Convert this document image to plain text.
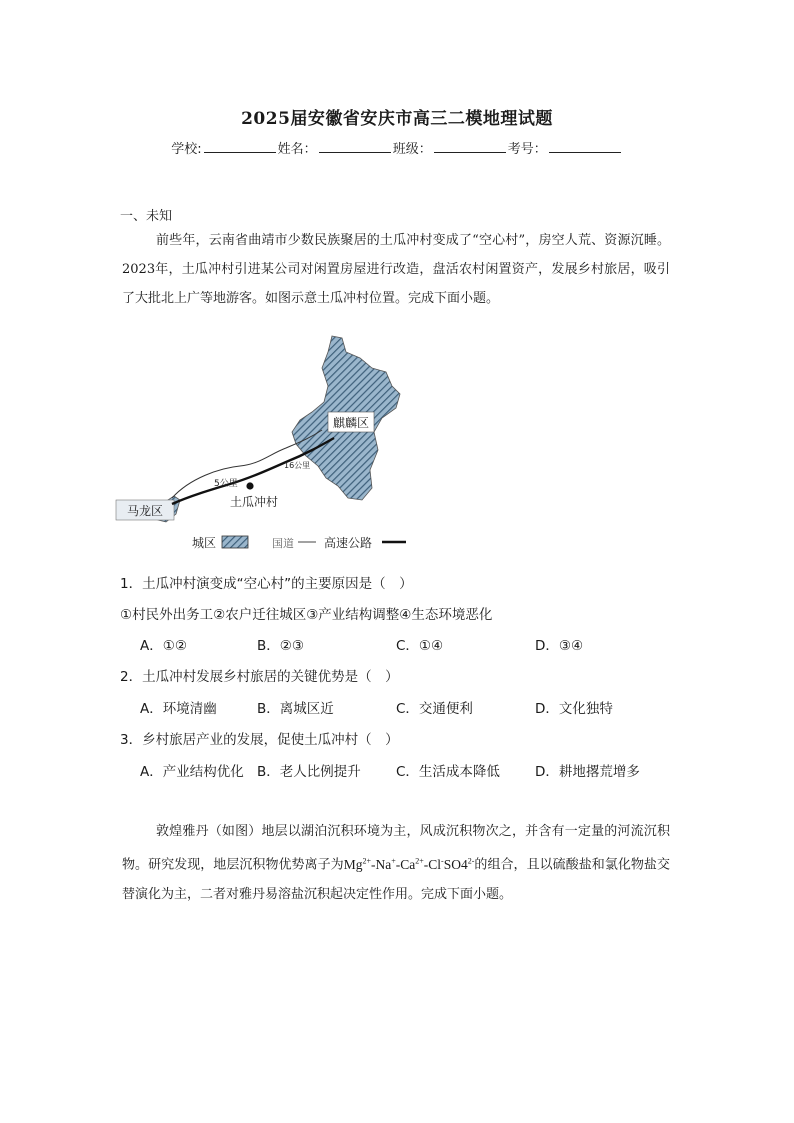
2025届安徽省安庆市高三二模地理试题
学校:	姓名：	班级：	考号：
一、未知
前些年，云南省曲靖市少数民族聚居的土瓜冲村变成了“空心村”，房空人荒、资源沉睡。2023年，土瓜冲村引进某公司对闲置房屋进行改造，盘活农村闲置资产，发展乡村旅居，吸引了大批北上广等地游客。如图示意土瓜冲村位置。完成下面小题。
麒麟区
马龙区
土瓜冲村
5公里
16公里
城区	国道	高速公路
1．土瓜冲村演变成“空心村”的主要原因是（　）
①村民外出务工②农户迁往城区③产业结构调整④生态环境恶化
A．①②	B．②③	C．①④	D．③④
2．土瓜冲村发展乡村旅居的关键优势是（　）
A．环境清幽	B．离城区近	C．交通便利	D．文化独特
3．乡村旅居产业的发展，促使土瓜冲村（　）
A．产业结构优化 B．老人比例提升	C．生活成本降低	D．耕地撂荒增多
敦煌雅丹（如图）地层以湖泊沉积环境为主，风成沉积物次之，并含有一定量的河流沉积物。研究发现，地层沉积物优势离子为$Mg^{2+}-Na^+-Ca^{2+}-Cl^-SO4^{2-}$的组合，且以硫酸盐和氯化物盐交替演化为主，二者对雅丹易溶盐沉积起决定性作用。完成下面小题。
